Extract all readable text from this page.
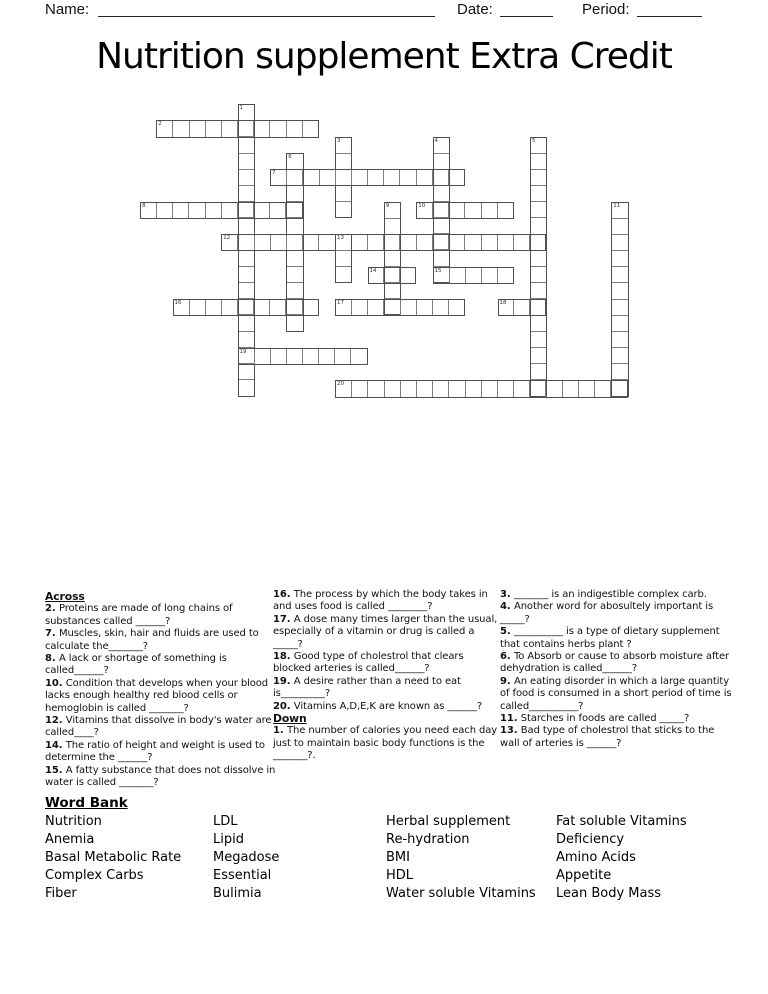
Name:	Date:	Period:
Nutrition supplement Extra Credit
1
2
3	4	5
6
7
8	9	10	11
12	13
14	15
16	17	18
19
20
Across

2. Proteins are made of long chains of substances called ______?

7. Muscles, skin, hair and fluids are used to calculate the_______?

8. A lack or shortage of something is called______?

10. Condition that develops when your blood lacks enough healthy red blood cells or hemoglobin is called _______?

12. Vitamins that dissolve in body's water are called____?

14. The ratio of height and weight is used to determine the ______?

15. A fatty substance that does not dissolve in water is called _______?

16. The process by which the body takes in and uses food is called ________?

17. A dose many times larger than the usual, especially of a vitamin or drug is called a _____?

18. Good type of cholestrol that clears blocked arteries is called______?

19. A desire rather than a need to eat is_________?

20. Vitamins A,D,E,K are known as ______?

Down

1. The number of calories you need each day just to maintain basic body functions is the _______?.

3. _______ is an indigestible complex carb.

4. Another word for abosultely important is _____?

5. __________ is a type of dietary supplement that contains herbs plant ?

6. To Absorb or cause to absorb moisture after dehydration is called______?

9. An eating disorder in which a large quantity of food is consumed in a short period of time is called__________?

11. Starches in foods are called _____?

13. Bad type of cholestrol that sticks to the wall of arteries is ______?

Word Bank
Nutrition
Anemia
Basal Metabolic Rate
Complex Carbs
Fiber
LDL
Lipid
Megadose
Essential
Bulimia
Herbal supplement
Re-hydration
BMI
HDL
Water soluble Vitamins
Fat soluble Vitamins
Deficiency
Amino Acids
Appetite
Lean Body Mass
